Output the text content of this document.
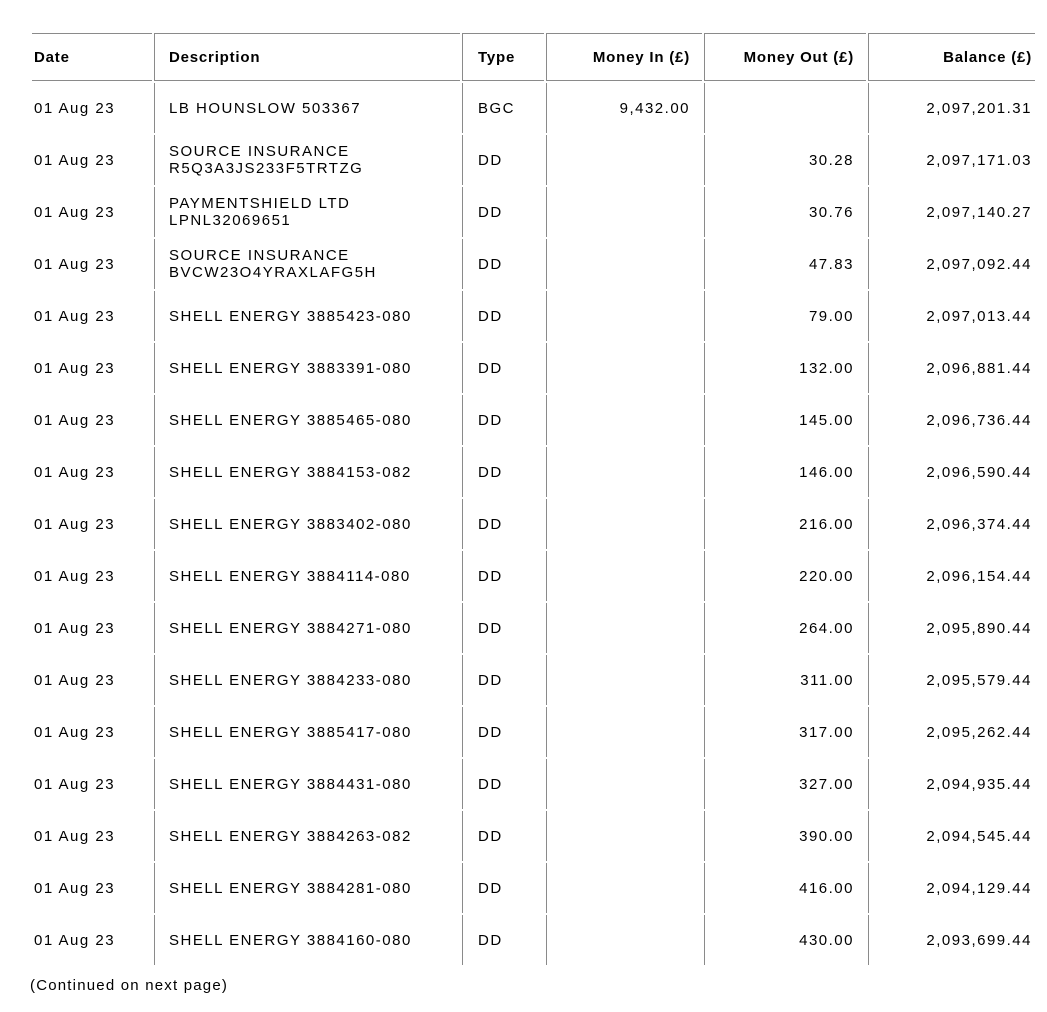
Date	Description	Type	Money In (£)	Money Out (£)	Balance (£)
01 Aug 23	LB HOUNSLOW 503367	BGC	9,432.00		2,097,201.31
01 Aug 23	SOURCE INSURANCE R5Q3A3JS233F5TRTZG	DD		30.28	2,097,171.03
01 Aug 23	PAYMENTSHIELD LTD LPNL32069651	DD		30.76	2,097,140.27
01 Aug 23	SOURCE INSURANCE BVCW23O4YRAXLAFG5H	DD		47.83	2,097,092.44
01 Aug 23	SHELL ENERGY 3885423-080	DD		79.00	2,097,013.44
01 Aug 23	SHELL ENERGY 3883391-080	DD		132.00	2,096,881.44
01 Aug 23	SHELL ENERGY 3885465-080	DD		145.00	2,096,736.44
01 Aug 23	SHELL ENERGY 3884153-082	DD		146.00	2,096,590.44
01 Aug 23	SHELL ENERGY 3883402-080	DD		216.00	2,096,374.44
01 Aug 23	SHELL ENERGY 3884114-080	DD		220.00	2,096,154.44
01 Aug 23	SHELL ENERGY 3884271-080	DD		264.00	2,095,890.44
01 Aug 23	SHELL ENERGY 3884233-080	DD		311.00	2,095,579.44
01 Aug 23	SHELL ENERGY 3885417-080	DD		317.00	2,095,262.44
01 Aug 23	SHELL ENERGY 3884431-080	DD		327.00	2,094,935.44
01 Aug 23	SHELL ENERGY 3884263-082	DD		390.00	2,094,545.44
01 Aug 23	SHELL ENERGY 3884281-080	DD		416.00	2,094,129.44
01 Aug 23	SHELL ENERGY 3884160-080	DD		430.00	2,093,699.44
(Continued on next page)
